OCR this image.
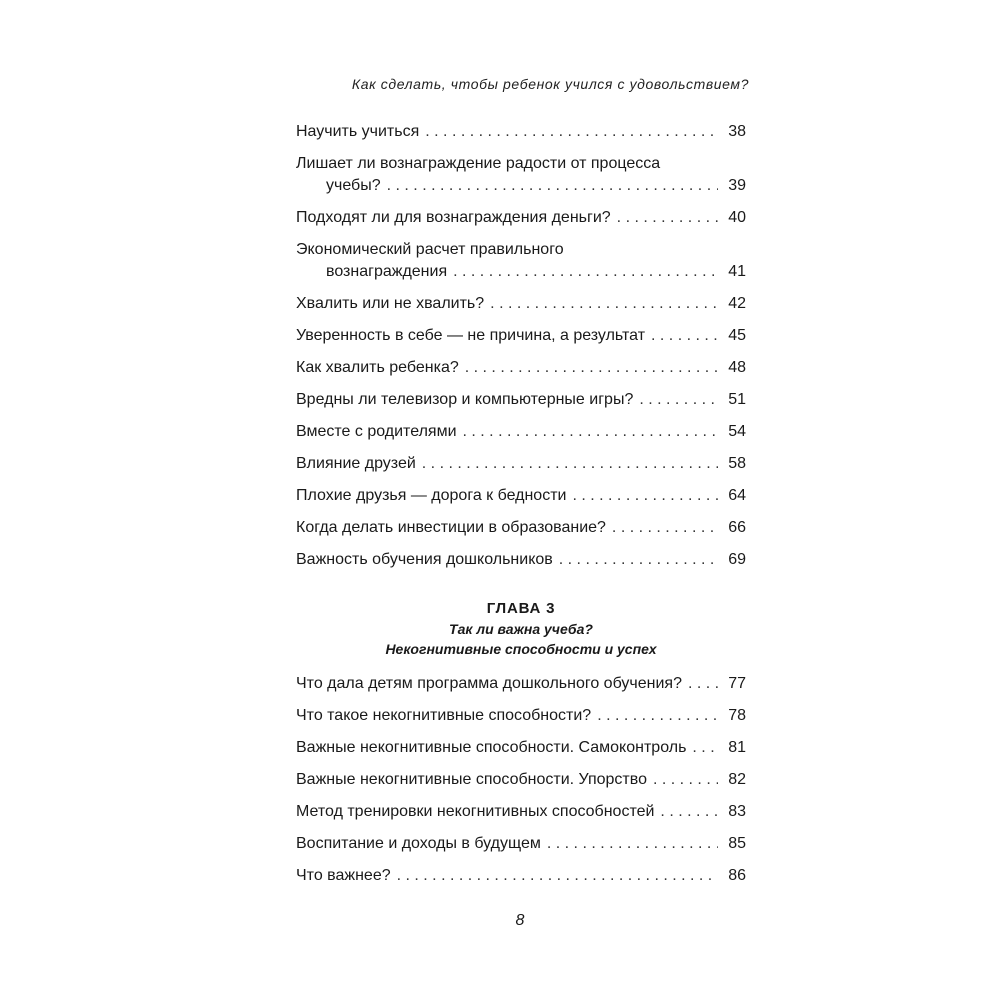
Как сделать, чтобы ребенок учился с удовольствием?
Научить учиться . . .	38
Лишает ли вознаграждение радости от процесса
учебы? . . .	39
Подходят ли для вознаграждения деньги? . . .	40
Экономический расчет правильного
вознаграждения . . .	41
Хвалить или не хвалить? . . .	42
Уверенность в себе — не причина, а результат . . .	45
Как хвалить ребенка? . . .	48
Вредны ли телевизор и компьютерные игры? . . .	51
Вместе с родителями . . .	54
Влияние друзей . . .	58
Плохие друзья — дорога к бедности . . .	64
Когда делать инвестиции в образование? . . .	66
Важность обучения дошкольников . . .	69
ГЛАВА 3
Так ли важна учеба?
Некогнитивные способности и успех
Что дала детям программа дошкольного обучения? . . .	77
Что такое некогнитивные способности? . . .	78
Важные некогнитивные способности. Самоконтроль . . .	81
Важные некогнитивные способности. Упорство . . .	82
Метод тренировки некогнитивных способностей . . .	83
Воспитание и доходы в будущем . . .	85
Что важнее? . . .	86
8
